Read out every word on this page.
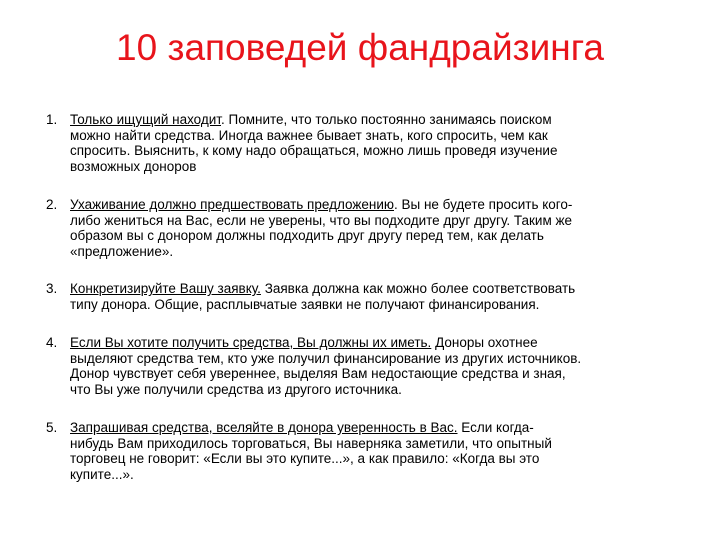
10 заповедей фандрайзинга
1. Только ищущий находит. Помните, что только постоянно занимаясь поиском
можно найти средства. Иногда важнее бывает знать, кого спросить, чем как
спросить. Выяснить, к кому надо обращаться, можно лишь проведя изучение
возможных доноров
2. Ухаживание должно предшествовать предложению. Вы не будете просить кого-
либо жениться на Вас, если не уверены, что вы подходите друг другу. Таким же
образом вы с донором должны подходить друг другу перед тем, как делать
«предложение».
3. Конкретизируйте Вашу заявку. Заявка должна как можно более соответствовать
типу донора. Общие, расплывчатые заявки не получают финансирования.
4. Если Вы хотите получить средства, Вы должны их иметь. Доноры охотнее
выделяют средства тем, кто уже получил финансирование из других источников.
Донор чувствует себя увереннее, выделяя Вам недостающие средства и зная,
что Вы уже получили средства из другого источника.
5. Запрашивая средства, вселяйте в донора уверенность в Вас. Если когда-
нибудь Вам приходилось торговаться, Вы наверняка заметили, что опытный
торговец не говорит: «Если вы это купите...», а как правило: «Когда вы это
купите...».
